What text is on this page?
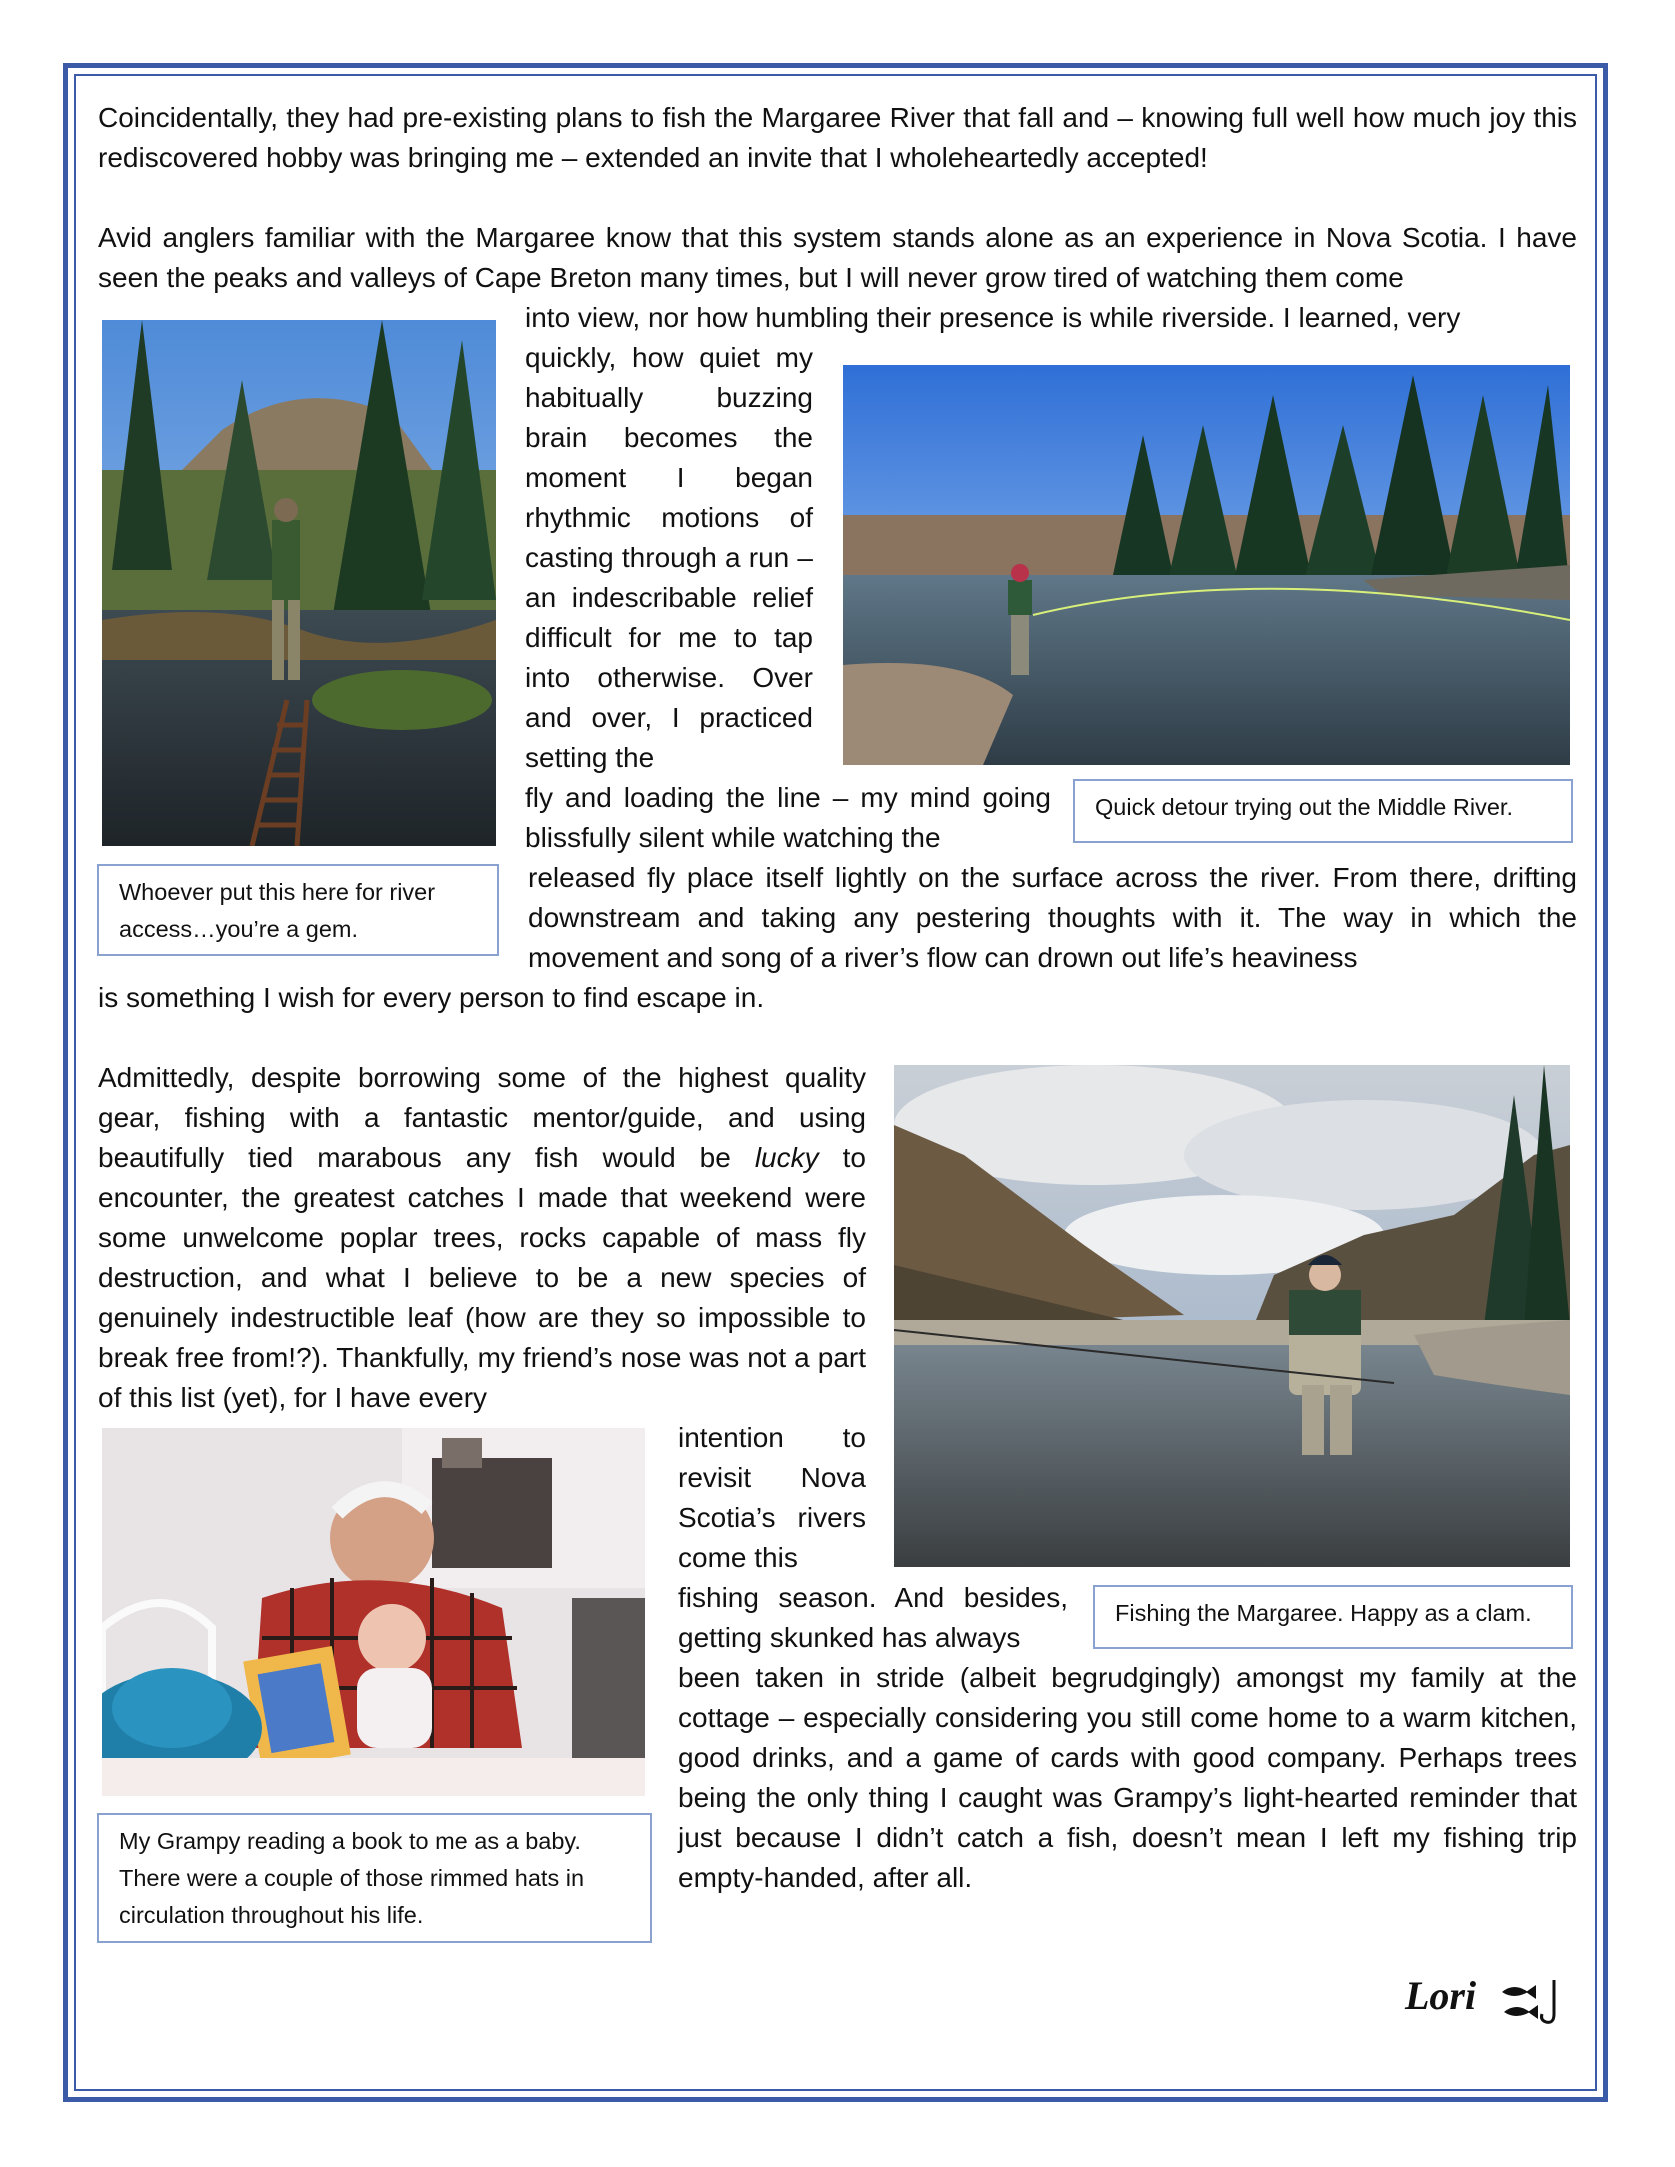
Coincidentally, they had pre-existing plans to fish the Margaree River that fall and – knowing full well how much joy this rediscovered hobby was bringing me – extended an invite that I wholeheartedly accepted!

Avid anglers familiar with the Margaree know that this system stands alone as an experience in Nova Scotia. I have seen the peaks and valleys of Cape Breton many times, but I will never grow tired of watching them come

into view, nor how humbling their presence is while riverside. I learned, very

quickly, how quiet my habitually buzzing brain becomes the moment I began rhythmic motions of casting through a run – an indescribable relief difficult for me to tap into otherwise. Over and over, I practiced setting the

fly and loading the line – my mind going blissfully silent while watching the

released fly place itself lightly on the surface across the river. From there, drifting downstream and taking any pestering thoughts with it. The way in which the movement and song of a river’s flow can drown out life’s heaviness

is something I wish for every person to find escape in.

Admittedly, despite borrowing some of the highest quality gear, fishing with a fantastic mentor/guide, and using beautifully tied marabous any fish would be lucky to encounter, the greatest catches I made that weekend were some unwelcome poplar trees, rocks capable of mass fly destruction, and what I believe to be a new species of genuinely indestructible leaf (how are they so impossible to break free from!?). Thankfully, my friend’s nose was not a part of this list (yet), for I have every

intention to revisit Nova Scotia’s rivers come this

fishing season. And besides, getting skunked has always

been taken in stride (albeit begrudgingly) amongst my family at the cottage – especially considering you still come home to a warm kitchen, good drinks, and a game of cards with good company. Perhaps trees being the only thing I caught was Grampy’s light-hearted reminder that just because I didn’t catch a fish, doesn’t mean I left my fishing trip empty-handed, after all.

Whoever put this here for river access…you’re a gem.
Quick detour trying out the Middle River.
Fishing the Margaree. Happy as a clam.
My Grampy reading a book to me as a baby. There were a couple of those rimmed hats in circulation throughout his life.
Lori
